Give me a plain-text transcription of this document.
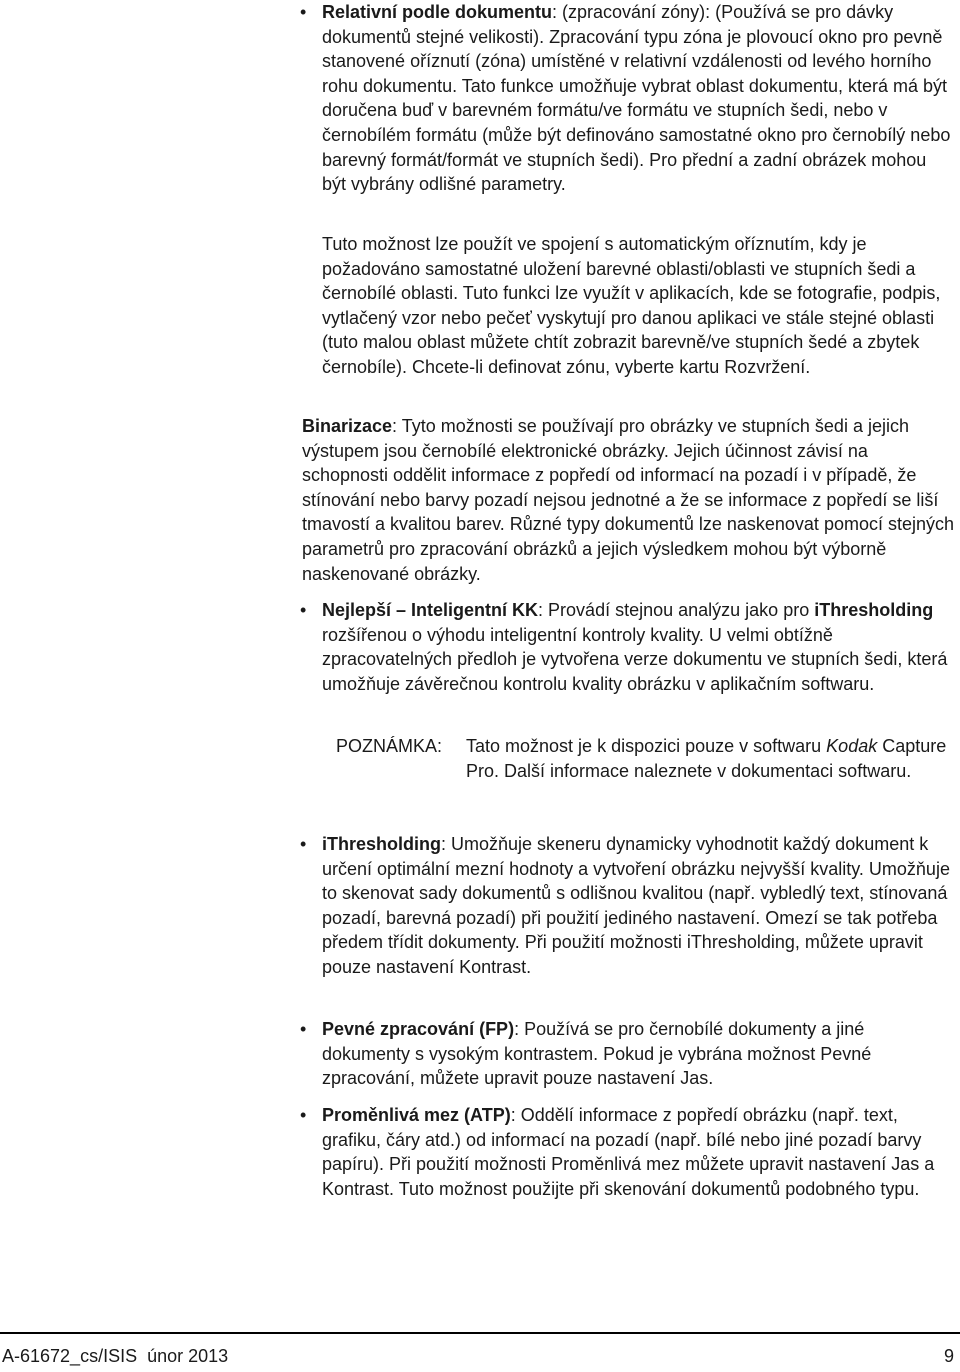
• Relativní podle dokumentu: (zpracování zóny): (Používá se pro dávky dokumentů stejné velikosti). Zpracování typu zóna je plovoucí okno pro pevně stanovené oříznutí (zóna) umístěné v relativní vzdálenosti od levého horního rohu dokumentu. Tato funkce umožňuje vybrat oblast dokumentu, která má být doručena buď v barevném formátu/ve formátu ve stupních šedi, nebo v černobílém formátu (může být definováno samostatné okno pro černobílý nebo barevný formát/formát ve stupních šedi). Pro přední a zadní obrázek mohou být vybrány odlišné parametry.
Tuto možnost lze použít ve spojení s automatickým oříznutím, kdy je požadováno samostatné uložení barevné oblasti/oblasti ve stupních šedi a černobílé oblasti. Tuto funkci lze využít v aplikacích, kde se fotografie, podpis, vytlačený vzor nebo pečeť vyskytují pro danou aplikaci ve stále stejné oblasti (tuto malou oblast můžete chtít zobrazit barevně/ve stupních šedé a zbytek černobíle). Chcete-li definovat zónu, vyberte kartu Rozvržení.
Binarizace: Tyto možnosti se používají pro obrázky ve stupních šedi a jejich výstupem jsou černobílé elektronické obrázky. Jejich účinnost závisí na schopnosti oddělit informace z popředí od informací na pozadí i v případě, že stínování nebo barvy pozadí nejsou jednotné a že se informace z popředí se liší tmavostí a kvalitou barev. Různé typy dokumentů lze naskenovat pomocí stejných parametrů pro zpracování obrázků a jejich výsledkem mohou být výborně naskenované obrázky.
• Nejlepší – Inteligentní KK: Provádí stejnou analýzu jako pro iThresholding rozšířenou o výhodu inteligentní kontroly kvality. U velmi obtížně zpracovatelných předloh je vytvořena verze dokumentu ve stupních šedi, která umožňuje závěrečnou kontrolu kvality obrázku v aplikačním softwaru.
POZNÁMKA: Tato možnost je k dispozici pouze v softwaru Kodak Capture Pro. Další informace naleznete v dokumentaci softwaru.
• iThresholding: Umožňuje skeneru dynamicky vyhodnotit každý dokument k určení optimální mezní hodnoty a vytvoření obrázku nejvyšší kvality. Umožňuje to skenovat sady dokumentů s odlišnou kvalitou (např. vybledlý text, stínovaná pozadí, barevná pozadí) při použití jediného nastavení. Omezí se tak potřeba předem třídit dokumenty. Při použití možnosti iThresholding, můžete upravit pouze nastavení Kontrast.
• Pevné zpracování (FP): Používá se pro černobílé dokumenty a jiné dokumenty s vysokým kontrastem. Pokud je vybrána možnost Pevné zpracování, můžete upravit pouze nastavení Jas.
• Proměnlivá mez (ATP): Oddělí informace z popředí obrázku (např. text, grafiku, čáry atd.) od informací na pozadí (např. bílé nebo jiné pozadí barvy papíru). Při použití možnosti Proměnlivá mez můžete upravit nastavení Jas a Kontrast. Tuto možnost použijte při skenování dokumentů podobného typu.
A-61672_cs/ISIS  únor 2013	9
